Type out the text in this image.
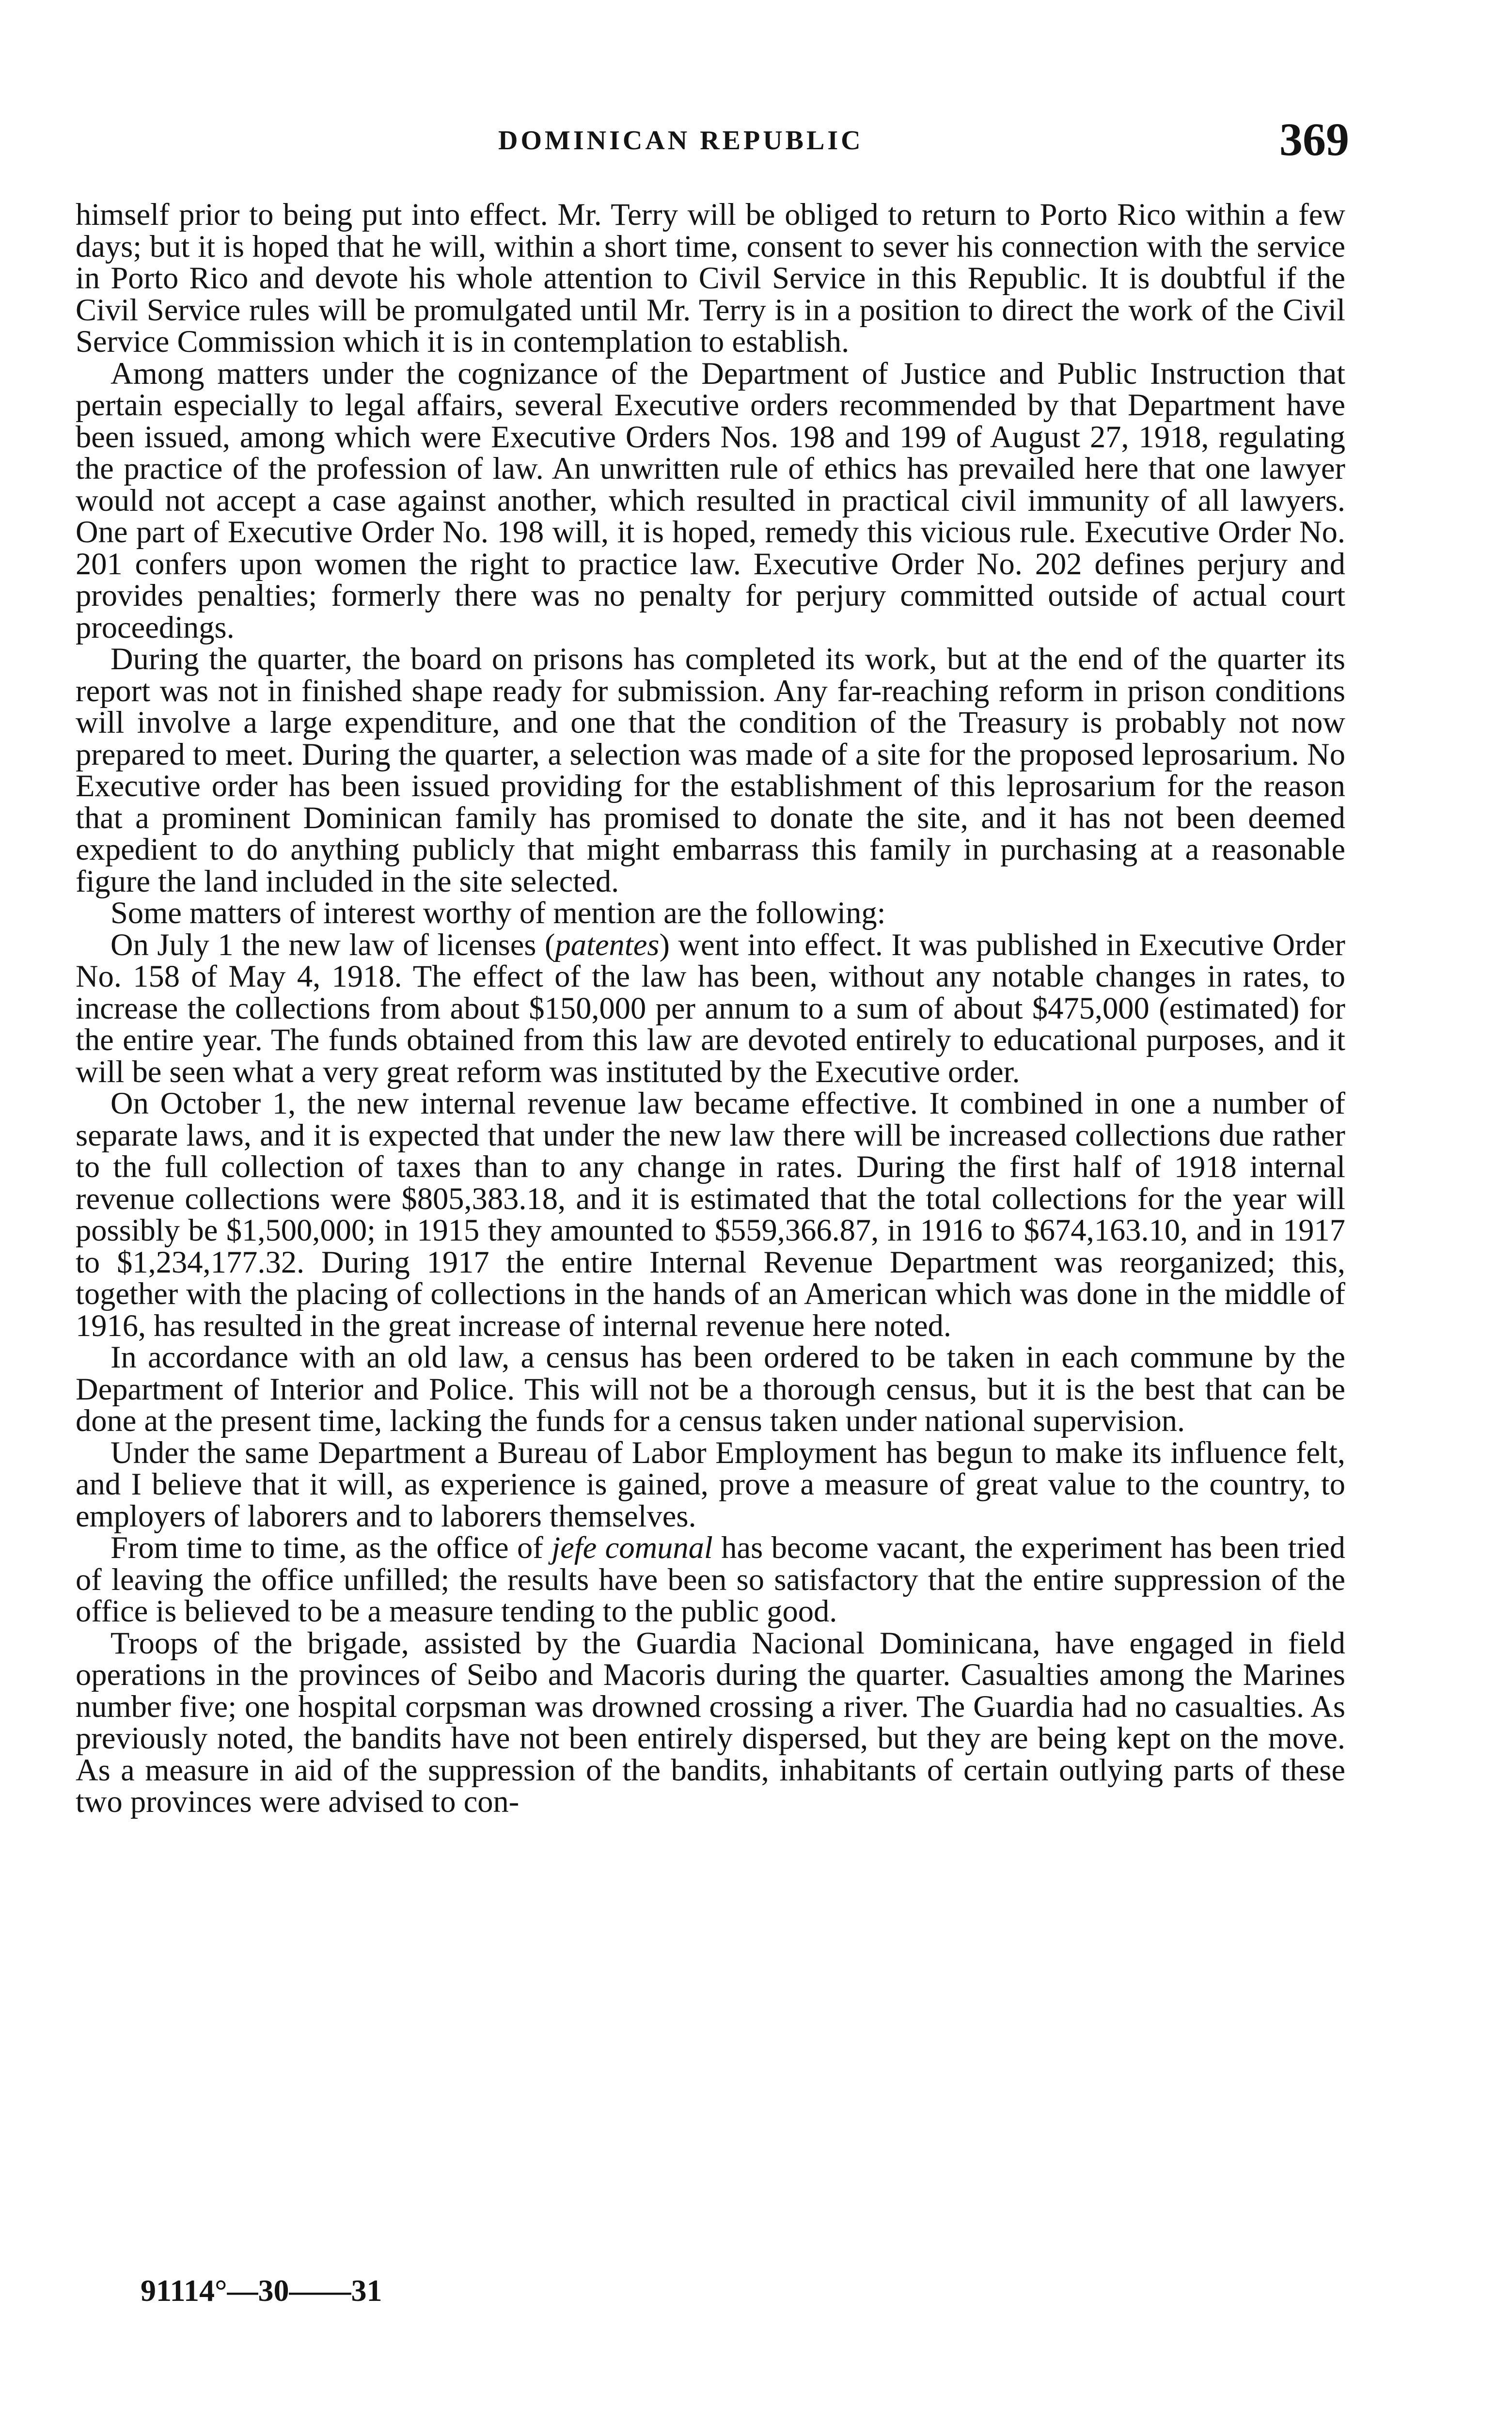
DOMINICAN REPUBLIC	369

himself prior to being put into effect. Mr. Terry will be obliged to return to Porto Rico within a few days; but it is hoped that he will, within a short time, consent to sever his connection with the service in Porto Rico and devote his whole attention to Civil Service in this Republic. It is doubtful if the Civil Service rules will be promulgated until Mr. Terry is in a position to direct the work of the Civil Service Commission which it is in contemplation to establish.

Among matters under the cognizance of the Department of Justice and Public Instruction that pertain especially to legal affairs, several Executive orders recommended by that Department have been issued, among which were Executive Orders Nos. 198 and 199 of August 27, 1918, regulating the practice of the profession of law. An unwritten rule of ethics has prevailed here that one lawyer would not accept a case against another, which resulted in practical civil immunity of all lawyers. One part of Executive Order No. 198 will, it is hoped, remedy this vicious rule. Executive Order No. 201 confers upon women the right to practice law. Executive Order No. 202 defines perjury and provides penalties; formerly there was no penalty for perjury committed outside of actual court proceedings.

During the quarter, the board on prisons has completed its work, but at the end of the quarter its report was not in finished shape ready for submission. Any far-reaching reform in prison conditions will involve a large expenditure, and one that the condition of the Treasury is probably not now prepared to meet. During the quarter, a selection was made of a site for the proposed leprosarium. No Executive order has been issued providing for the establishment of this leprosarium for the reason that a prominent Dominican family has promised to donate the site, and it has not been deemed expedient to do anything publicly that might embarrass this family in purchasing at a reasonable figure the land included in the site selected.

Some matters of interest worthy of mention are the following:

On July 1 the new law of licenses (patentes) went into effect. It was published in Executive Order No. 158 of May 4, 1918. The effect of the law has been, without any notable changes in rates, to increase the collections from about $150,000 per annum to a sum of about $475,000 (estimated) for the entire year. The funds obtained from this law are devoted entirely to educational purposes, and it will be seen what a very great reform was instituted by the Executive order.

On October 1, the new internal revenue law became effective. It combined in one a number of separate laws, and it is expected that under the new law there will be increased collections due rather to the full collection of taxes than to any change in rates. During the first half of 1918 internal revenue collections were $805,383.18, and it is estimated that the total collections for the year will possibly be $1,500,000; in 1915 they amounted to $559,366.87, in 1916 to $674,163.10, and in 1917 to $1,234,177.32. During 1917 the entire Internal Revenue Department was reorganized; this, together with the placing of collections in the hands of an American which was done in the middle of 1916, has resulted in the great increase of internal revenue here noted.

In accordance with an old law, a census has been ordered to be taken in each commune by the Department of Interior and Police. This will not be a thorough census, but it is the best that can be done at the present time, lacking the funds for a census taken under national supervision.

Under the same Department a Bureau of Labor Employment has begun to make its influence felt, and I believe that it will, as experience is gained, prove a measure of great value to the country, to employers of laborers and to laborers themselves.

From time to time, as the office of jefe comunal has become vacant, the experiment has been tried of leaving the office unfilled; the results have been so satisfactory that the entire suppression of the office is believed to be a measure tending to the public good.

Troops of the brigade, assisted by the Guardia Nacional Dominicana, have engaged in field operations in the provinces of Seibo and Macoris during the quarter. Casualties among the Marines number five; one hospital corpsman was drowned crossing a river. The Guardia had no casualties. As previously noted, the bandits have not been entirely dispersed, but they are being kept on the move. As a measure in aid of the suppression of the bandits, inhabitants of certain outlying parts of these two provinces were advised to con-

91114°—30——31
